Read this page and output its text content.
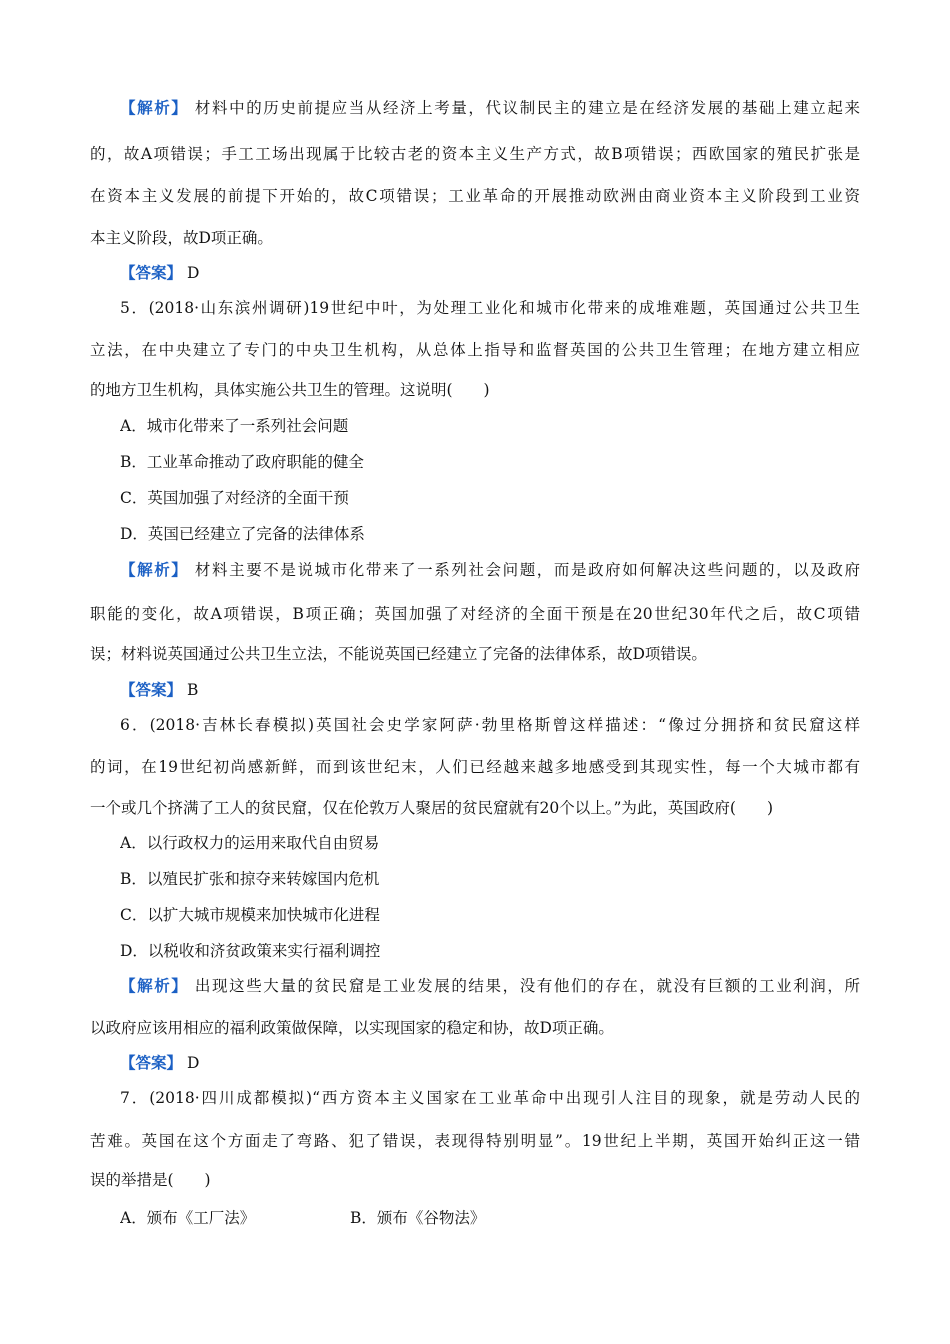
【解析】 材料中的历史前提应当从经济上考量，代议制民主的建立是在经济发展的基础上建立起来
的，故A项错误；手工工场出现属于比较古老的资本主义生产方式，故B项错误；西欧国家的殖民扩张是
在资本主义发展的前提下开始的，故C项错误；工业革命的开展推动欧洲由商业资本主义阶段到工业资
本主义阶段，故D项正确。
【答案】 D
5．(2018·山东滨州调研)19世纪中叶，为处理工业化和城市化带来的成堆难题，英国通过公共卫生
立法，在中央建立了专门的中央卫生机构，从总体上指导和监督英国的公共卫生管理；在地方建立相应
的地方卫生机构，具体实施公共卫生的管理。这说明(　　)
A．城市化带来了一系列社会问题
B．工业革命推动了政府职能的健全
C．英国加强了对经济的全面干预
D．英国已经建立了完备的法律体系
【解析】 材料主要不是说城市化带来了一系列社会问题，而是政府如何解决这些问题的，以及政府
职能的变化，故A项错误，B项正确；英国加强了对经济的全面干预是在20世纪30年代之后，故C项错
误；材料说英国通过公共卫生立法，不能说英国已经建立了完备的法律体系，故D项错误。
【答案】 B
6．(2018·吉林长春模拟)英国社会史学家阿萨·勃里格斯曾这样描述：“像过分拥挤和贫民窟这样
的词，在19世纪初尚感新鲜，而到该世纪末，人们已经越来越多地感受到其现实性，每一个大城市都有
一个或几个挤满了工人的贫民窟，仅在伦敦万人聚居的贫民窟就有20个以上。”为此，英国政府(　　)
A．以行政权力的运用来取代自由贸易
B．以殖民扩张和掠夺来转嫁国内危机
C．以扩大城市规模来加快城市化进程
D．以税收和济贫政策来实行福利调控
【解析】 出现这些大量的贫民窟是工业发展的结果，没有他们的存在，就没有巨额的工业利润，所
以政府应该用相应的福利政策做保障，以实现国家的稳定和协，故D项正确。
【答案】 D
7．(2018·四川成都模拟)“西方资本主义国家在工业革命中出现引人注目的现象，就是劳动人民的
苦难。英国在这个方面走了弯路、犯了错误，表现得特别明显”。19世纪上半期，英国开始纠正这一错
误的举措是(　　)
A．颁布《工厂法》	B．颁布《谷物法》
